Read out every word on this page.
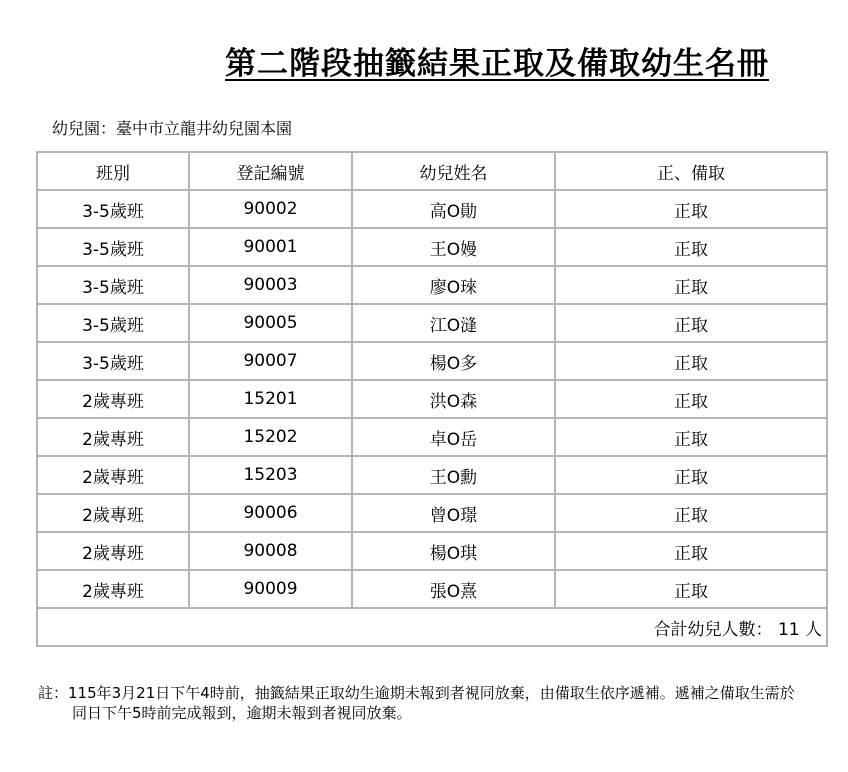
第二階段抽籤結果正取及備取幼生名冊
幼兒園：臺中市立龍井幼兒園本園
班別	登記編號	幼兒姓名	正、備取
3-5歲班	90002	高O勛	正取
3-5歲班	90001	王O嫚	正取
3-5歲班	90003	廖O琜	正取
3-5歲班	90005	江O漨	正取
3-5歲班	90007	楊O多	正取
2歲專班	15201	洪O森	正取
2歲專班	15202	卓O岳	正取
2歲專班	15203	王O勳	正取
2歲專班	90006	曾O璟	正取
2歲專班	90008	楊O琪	正取
2歲專班	90009	張O熹	正取
合計幼兒人數： 11 人			
註：115年3月21日下午4時前，抽籤結果正取幼生逾期未報到者視同放棄，由備取生依序遞補。遞補之備取生需於
同日下午5時前完成報到，逾期未報到者視同放棄。
